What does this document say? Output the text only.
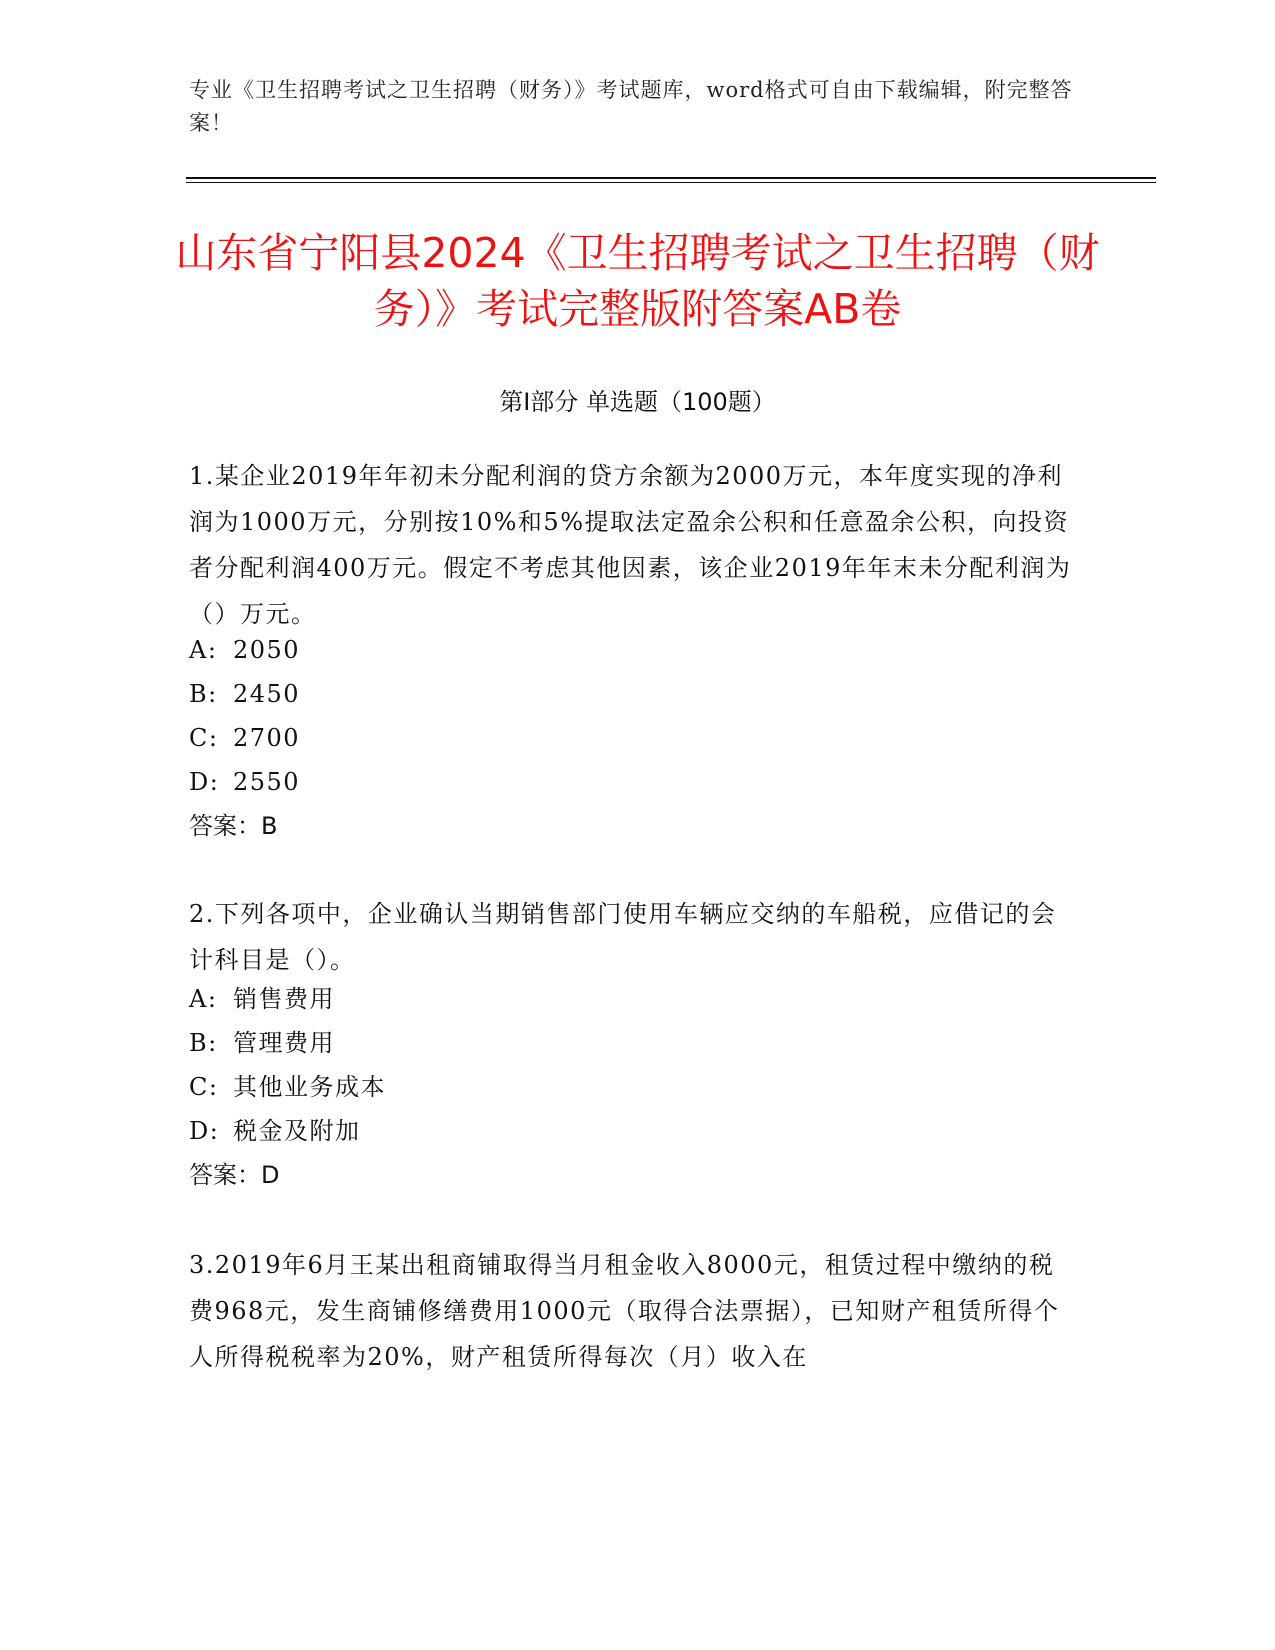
专业《卫生招聘考试之卫生招聘（财务）》考试题库，word格式可自由下载编辑，附完整答案！
山东省宁阳县2024《卫生招聘考试之卫生招聘（财务）》考试完整版附答案AB卷
第Ⅰ部分 单选题（100题）

1.某企业2019年年初未分配利润的贷方余额为2000万元，本年度实现的净利润为1000万元，分别按10%和5%提取法定盈余公积和任意盈余公积，向投资者分配利润400万元。假定不考虑其他因素，该企业2019年年末未分配利润为（）万元。

A: 2050
B: 2450
C: 2700
D: 2550
答案：B

2.下列各项中，企业确认当期销售部门使用车辆应交纳的车船税，应借记的会计科目是（）。

A: 销售费用
B: 管理费用
C: 其他业务成本
D: 税金及附加
答案：D

3.2019年6月王某出租商铺取得当月租金收入8000元，租赁过程中缴纳的税费968元，发生商铺修缮费用1000元（取得合法票据），已知财产租赁所得个人所得税税率为20%，财产租赁所得每次（月）收入在
